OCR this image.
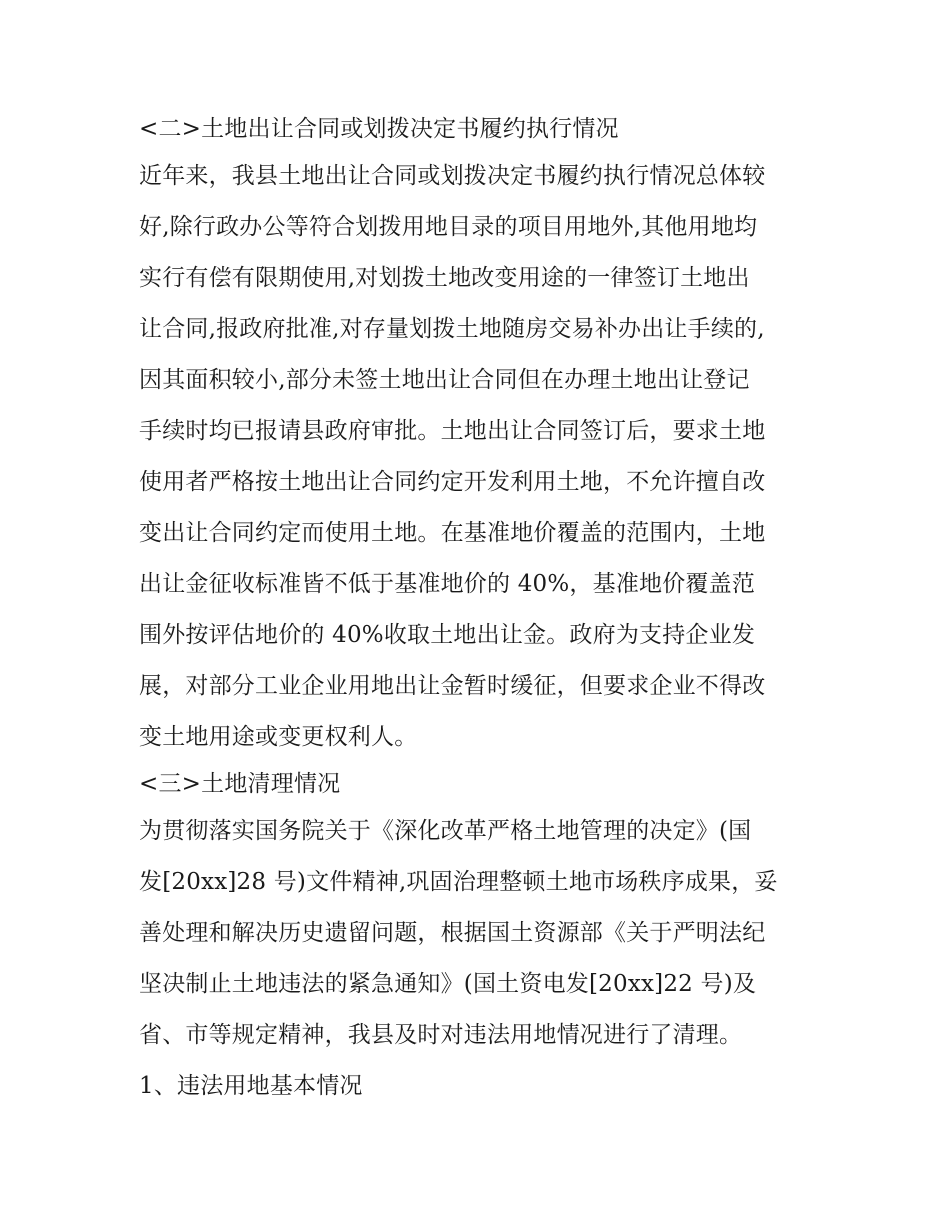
<二>土地出让合同或划拨决定书履约执行情况
近年来，我县土地出让合同或划拨决定书履约执行情况总体较
好,除行政办公等符合划拨用地目录的项目用地外,其他用地均
实行有偿有限期使用,对划拨土地改变用途的一律签订土地出
让合同,报政府批准,对存量划拨土地随房交易补办出让手续的,
因其面积较小,部分未签土地出让合同但在办理土地出让登记
手续时均已报请县政府审批。土地出让合同签订后，要求土地
使用者严格按土地出让合同约定开发利用土地，不允许擅自改
变出让合同约定而使用土地。在基准地价覆盖的范围内，土地
出让金征收标准皆不低于基准地价的 40%，基准地价覆盖范
围外按评估地价的 40%收取土地出让金。政府为支持企业发
展，对部分工业企业用地出让金暂时缓征，但要求企业不得改
变土地用途或变更权利人。
<三>土地清理情况
为贯彻落实国务院关于《深化改革严格土地管理的决定》(国
发[20xx]28 号)文件精神,巩固治理整顿土地市场秩序成果，妥
善处理和解决历史遗留问题，根据国土资源部《关于严明法纪
坚决制止土地违法的紧急通知》(国土资电发[20xx]22 号)及
省、市等规定精神，我县及时对违法用地情况进行了清理。
1、违法用地基本情况
